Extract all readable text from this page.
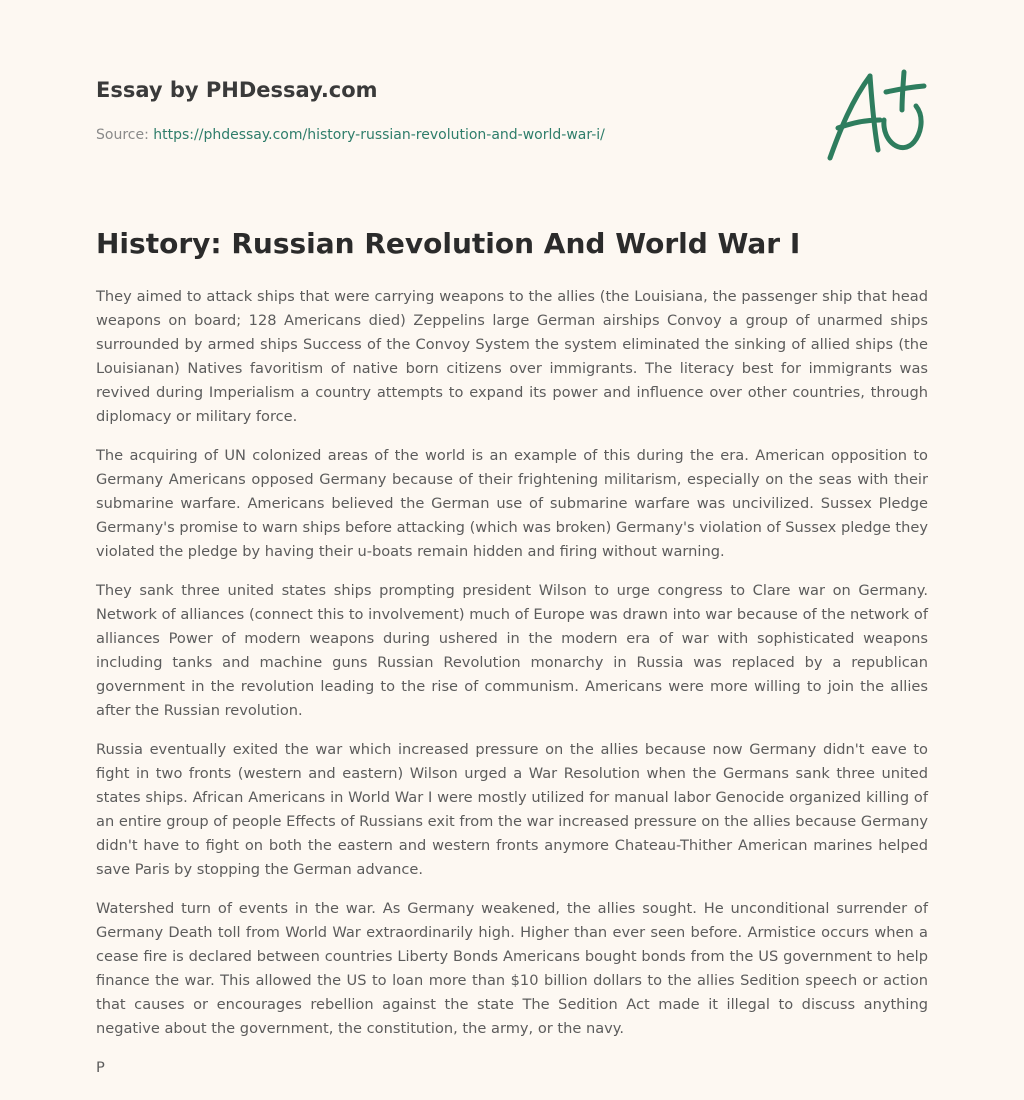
Essay by PHDessay.com

Source: https://phdessay.com/history-russian-revolution-and-world-war-i/
History: Russian Revolution And World War I

They aimed to attack ships that were carrying weapons to the allies (the Louisiana, the passenger ship that head weapons on board; 128 Americans died) Zeppelins large German airships Convoy a group of unarmed ships surrounded by armed ships Success of the Convoy System the system eliminated the sinking of allied ships (the Louisianan) Natives favoritism of native born citizens over immigrants. The literacy best for immigrants was revived during Imperialism a country attempts to expand its power and influence over other countries, through diplomacy or military force.

The acquiring of UN colonized areas of the world is an example of this during the era. American opposition to Germany Americans opposed Germany because of their frightening militarism, especially on the seas with their submarine warfare. Americans believed the German use of submarine warfare was uncivilized. Sussex Pledge Germany's promise to warn ships before attacking (which was broken) Germany's violation of Sussex pledge they violated the pledge by having their u-boats remain hidden and firing without warning.

They sank three united states ships prompting president Wilson to urge congress to Clare war on Germany. Network of alliances (connect this to involvement) much of Europe was drawn into war because of the network of alliances Power of modern weapons during ushered in the modern era of war with sophisticated weapons including tanks and machine guns Russian Revolution monarchy in Russia was replaced by a republican government in the revolution leading to the rise of communism. Americans were more willing to join the allies after the Russian revolution.

Russia eventually exited the war which increased pressure on the allies because now Germany didn't eave to fight in two fronts (western and eastern) Wilson urged a War Resolution when the Germans sank three united states ships. African Americans in World War I were mostly utilized for manual labor Genocide organized killing of an entire group of people Effects of Russians exit from the war increased pressure on the allies because Germany didn't have to fight on both the eastern and western fronts anymore Chateau-Thither American marines helped save Paris by stopping the German advance.

Watershed turn of events in the war. As Germany weakened, the allies sought. He unconditional surrender of Germany Death toll from World War extraordinarily high. Higher than ever seen before. Armistice occurs when a cease fire is declared between countries Liberty Bonds Americans bought bonds from the US government to help finance the war. This allowed the US to loan more than $10 billion dollars to the allies Sedition speech or action that causes or encourages rebellion against the state The Sedition Act made it illegal to discuss anything negative about the government, the constitution, the army, or the navy.

P
